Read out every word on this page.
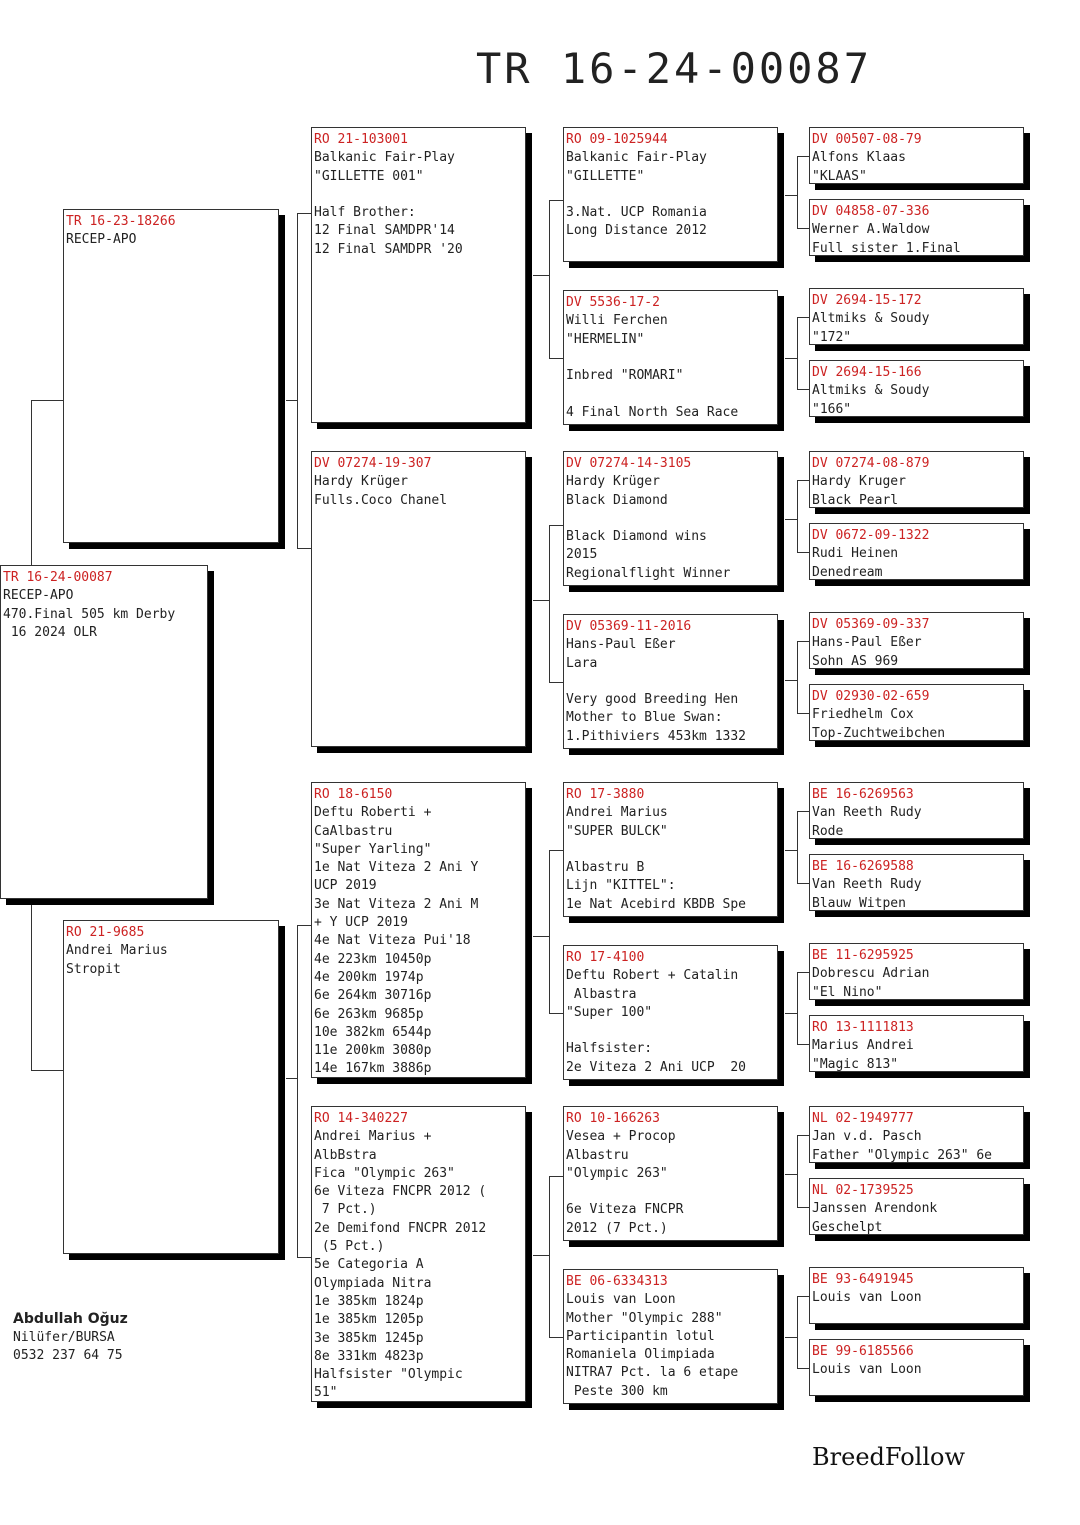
TR 16-24-00087
TR 16-23-18266
RECEP-APO
RO 21-9685
Andrei Marius
Stropit
TR 16-24-00087
RECEP-APO
470.Final 505 km Derby
16 2024 OLR
RO 21-103001
Balkanic Fair-Play
"GILLETTE 001"
Half Brother:
12 Final SAMDPR'14
12 Final SAMDPR '20
DV 07274-19-307
Hardy Krüger
Fulls.Coco Chanel
RO 18-6150
Deftu Roberti +
CaAlbastru
"Super Yarling"
1e Nat Viteza 2 Ani Y
UCP 2019
3e Nat Viteza 2 Ani M
+ Y UCP 2019
4e Nat Viteza Pui'18
4e 223km 10450p
4e 200km 1974p
6e 264km 30716p
6e 263km 9685p
10e 382km 6544p
11e 200km 3080p
14e 167km 3886p
RO 14-340227
Andrei Marius +
AlbBstra
Fica "Olympic 263"
6e Viteza FNCPR 2012 (
7 Pct.)
2e Demifond FNCPR 2012
(5 Pct.)
5e Categoria A
Olympiada Nitra
1e 385km 1824p
1e 385km 1205p
3e 385km 1245p
8e 331km 4823p
Halfsister "Olympic
51"
RO 09-1025944
Balkanic Fair-Play
"GILLETTE"
3.Nat. UCP Romania
Long Distance 2012
DV 5536-17-2
Willi Ferchen
"HERMELIN"
Inbred "ROMARI"
4 Final North Sea Race
DV 07274-14-3105
Hardy Krüger
Black Diamond
Black Diamond wins
2015
Regionalflight Winner
DV 05369-11-2016
Hans-Paul Eßer
Lara
Very good Breeding Hen
Mother to Blue Swan:
1.Pithiviers 453km 1332
RO 17-3880
Andrei Marius
"SUPER BULCK"
Albastru B
Lijn "KITTEL":
1e Nat Acebird KBDB Spe
RO 17-4100
Deftu Robert + Catalin
Albastra
"Super 100"
Halfsister:
2e Viteza 2 Ani UCP  20
RO 10-166263
Vesea + Procop
Albastru
"Olympic 263"
6e Viteza FNCPR
2012 (7 Pct.)
BE 06-6334313
Louis van Loon
Mother "Olympic 288"
Participantin lotul
Romaniela Olimpiada
NITRA7 Pct. la 6 etape
Peste 300 km
DV 00507-08-79
Alfons Klaas
"KLAAS"
DV 04858-07-336
Werner A.Waldow
Full sister 1.Final
DV 2694-15-172
Altmiks & Soudy
"172"
DV 2694-15-166
Altmiks & Soudy
"166"
DV 07274-08-879
Hardy Kruger
Black Pearl
DV 0672-09-1322
Rudi Heinen
Denedream
DV 05369-09-337
Hans-Paul Eßer
Sohn AS 969
DV 02930-02-659
Friedhelm Cox
Top-Zuchtweibchen
BE 16-6269563
Van Reeth Rudy
Rode
BE 16-6269588
Van Reeth Rudy
Blauw Witpen
BE 11-6295925
Dobrescu Adrian
"El Nino"
RO 13-1111813
Marius Andrei
"Magic 813"
NL 02-1949777
Jan v.d. Pasch
Father "Olympic 263" 6e
NL 02-1739525
Janssen Arendonk
Geschelpt
BE 93-6491945
Louis van Loon
BE 99-6185566
Louis van Loon
Abdullah Oğuz
Nilüfer/BURSA
0532 237 64 75
BreedFollow
